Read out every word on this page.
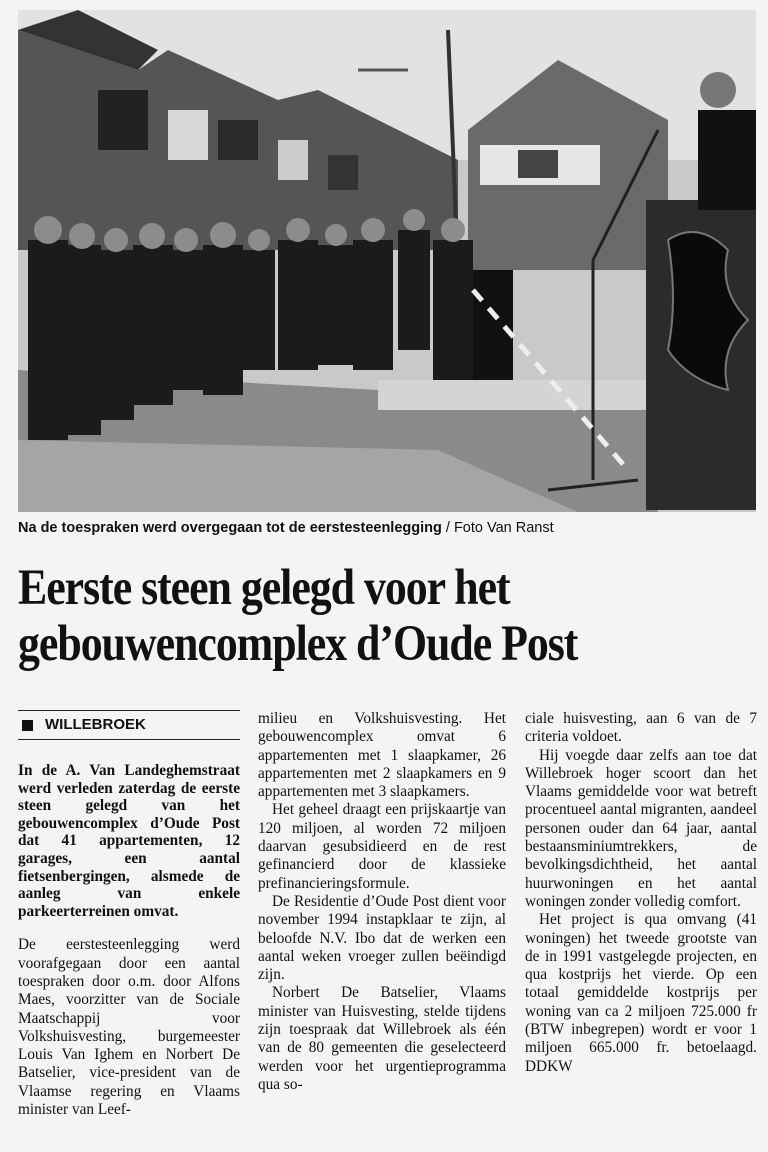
Na de toespraken werd overgegaan tot de eerstesteenlegging / Foto Van Ranst
Eerste steen gelegd voor het
gebouwencomplex d’Oude Post
WILLEBROEK

In de A. Van Landeghemstraat werd verleden zaterdag de eerste steen gelegd van het gebouwencomplex d’Oude Post dat 41 appartementen, 12 garages, een aantal fietsenbergingen, alsmede de aanleg van enkele parkeerterreinen omvat.

De eerstesteenlegging werd voorafgegaan door een aantal toespraken door o.m. door Alfons Maes, voorzitter van de Sociale Maatschappij voor Volkshuisvesting, burgemeester Louis Van Ighem en Norbert De Batselier, vice-president van de Vlaamse regering en Vlaams minister van Leef-

milieu en Volkshuisvesting. Het gebouwencomplex omvat 6 appartementen met 1 slaapkamer, 26 appartementen met 2 slaapkamers en 9 appartementen met 3 slaapkamers.

Het geheel draagt een prijskaartje van 120 miljoen, al worden 72 miljoen daarvan gesubsidieerd en de rest gefinancierd door de klassieke prefinancieringsformule.

De Residentie d’Oude Post dient voor november 1994 instapklaar te zijn, al beloofde N.V. Ibo dat de werken een aantal weken vroeger zullen beëindigd zijn.

Norbert De Batselier, Vlaams minister van Huisvesting, stelde tijdens zijn toespraak dat Willebroek als één van de 80 gemeenten die geselecteerd werden voor het urgentieprogramma qua so-

ciale huisvesting, aan 6 van de 7 criteria voldoet.

Hij voegde daar zelfs aan toe dat Willebroek hoger scoort dan het Vlaams gemiddelde voor wat betreft procentueel aantal migranten, aandeel personen ouder dan 64 jaar, aantal bestaansminiumtrekkers, de bevolkingsdichtheid, het aantal huurwoningen en het aantal woningen zonder volledig comfort.

Het project is qua omvang (41 woningen) het tweede grootste van de in 1991 vastgelegde projecten, en qua kostprijs het vierde. Op een totaal gemiddelde kostprijs per woning van ca 2 miljoen 725.000 fr (BTW inbegrepen) wordt er voor 1 miljoen 665.000 fr. betoelaagd. DDKW
